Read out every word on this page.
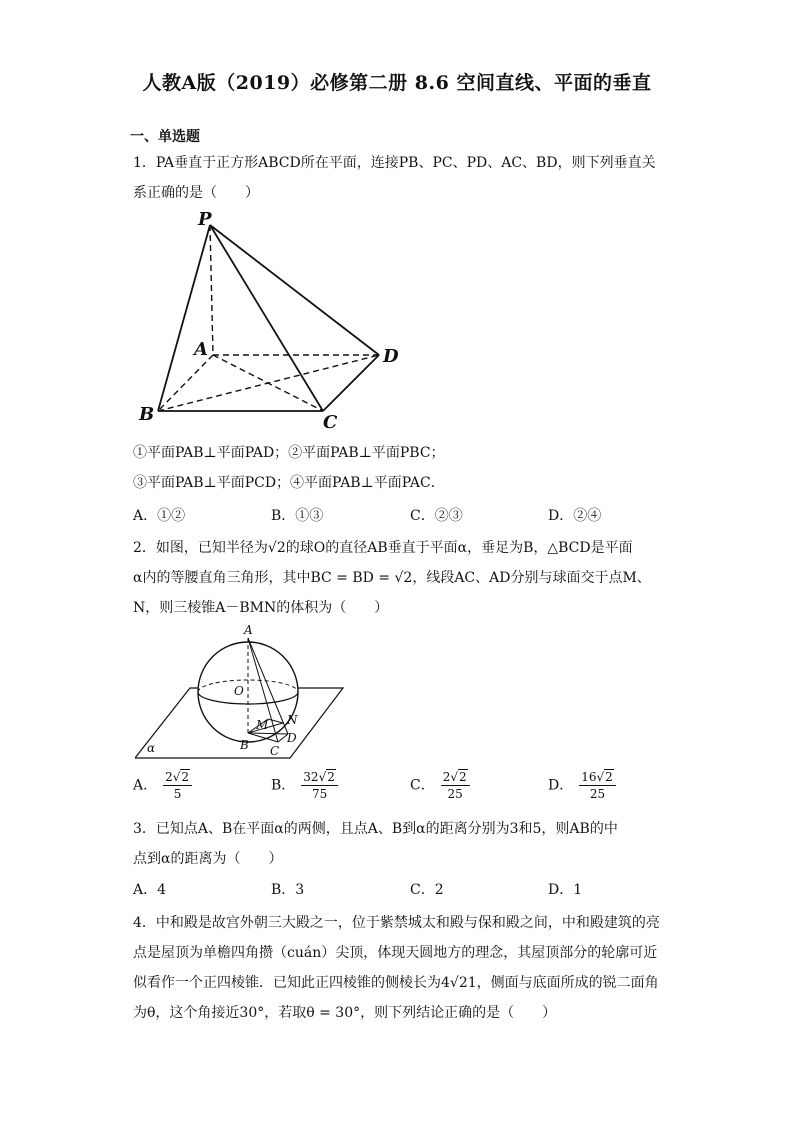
人教A版（2019）必修第二册 8.6 空间直线、平面的垂直
一、单选题
1．PA垂直于正方形ABCD所在平面，连接PB、PC、PD、AC、BD，则下列垂直关
系正确的是（　　）
P
A
B	C
D
①平面PAB⊥平面PAD；②平面PAB⊥平面PBC；
③平面PAB⊥平面PCD；④平面PAB⊥平面PAC．
A．①②	B．①③	C．②③	D．②④
2．如图，已知半径为√2的球O的直径AB垂直于平面α，垂足为B，△BCD是平面
α内的等腰直角三角形，其中BC = BD = √2，线段AC、AD分别与球面交于点M、
N，则三棱锥A－BMN的体积为（　　）
A
O
M N
B C
D
α
A． $\frac{2√2}{5}$	B． $\frac{32√2}{75}$	C． $\frac{2√2}{25}$	D． $\frac{16√2}{25}$
3．已知点A、B在平面α的两侧，且点A、B到α的距离分别为3和5，则AB的中
点到α的距离为（　　）
A．4	B．3	C．2	D．1
4．中和殿是故宫外朝三大殿之一，位于紫禁城太和殿与保和殿之间，中和殿建筑的亮
点是屋顶为单檐四角攒（cuán）尖顶，体现天圆地方的理念，其屋顶部分的轮廓可近
似看作一个正四棱锥．已知此正四棱锥的侧棱长为4√21，侧面与底面所成的锐二面角
为θ，这个角接近30°，若取θ = 30°，则下列结论正确的是（　　）
